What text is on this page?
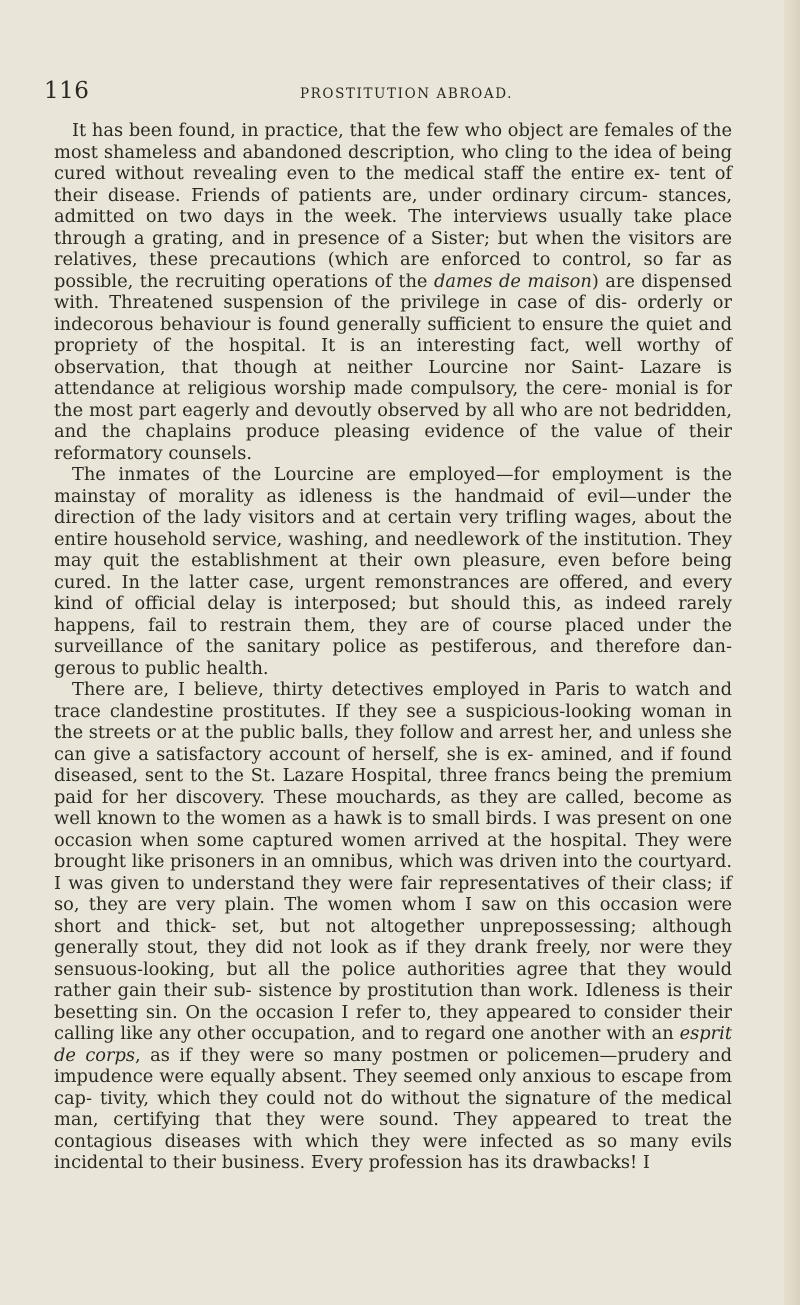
116	PROSTITUTION ABROAD.

It has been found, in practice, that the few who object are females of the most shameless and abandoned description, who cling to the idea of being cured without revealing even to the medical staff the entire ex- tent of their disease. Friends of patients are, under ordinary circum- stances, admitted on two days in the week. The interviews usually take place through a grating, and in presence of a Sister; but when the visitors are relatives, these precautions (which are enforced to control, so far as possible, the recruiting operations of the dames de maison) are dispensed with. Threatened suspension of the privilege in case of dis- orderly or indecorous behaviour is found generally sufficient to ensure the quiet and propriety of the hospital. It is an interesting fact, well worthy of observation, that though at neither Lourcine nor Saint- Lazare is attendance at religious worship made compulsory, the cere- monial is for the most part eagerly and devoutly observed by all who are not bedridden, and the chaplains produce pleasing evidence of the value of their reformatory counsels.

The inmates of the Lourcine are employed—for employment is the mainstay of morality as idleness is the handmaid of evil—under the direction of the lady visitors and at certain very trifling wages, about the entire household service, washing, and needlework of the institution. They may quit the establishment at their own pleasure, even before being cured. In the latter case, urgent remonstrances are offered, and every kind of official delay is interposed; but should this, as indeed rarely happens, fail to restrain them, they are of course placed under the surveillance of the sanitary police as pestiferous, and therefore dan- gerous to public health.

There are, I believe, thirty detectives employed in Paris to watch and trace clandestine prostitutes. If they see a suspicious-looking woman in the streets or at the public balls, they follow and arrest her, and unless she can give a satisfactory account of herself, she is ex- amined, and if found diseased, sent to the St. Lazare Hospital, three francs being the premium paid for her discovery. These mouchards, as they are called, become as well known to the women as a hawk is to small birds. I was present on one occasion when some captured women arrived at the hospital. They were brought like prisoners in an omnibus, which was driven into the courtyard. I was given to understand they were fair representatives of their class; if so, they are very plain. The women whom I saw on this occasion were short and thick- set, but not altogether unprepossessing; although generally stout, they did not look as if they drank freely, nor were they sensuous-looking, but all the police authorities agree that they would rather gain their sub- sistence by prostitution than work. Idleness is their besetting sin. On the occasion I refer to, they appeared to consider their calling like any other occupation, and to regard one another with an esprit de corps, as if they were so many postmen or policemen—prudery and impudence were equally absent. They seemed only anxious to escape from cap- tivity, which they could not do without the signature of the medical man, certifying that they were sound. They appeared to treat the contagious diseases with which they were infected as so many evils incidental to their business. Every profession has its drawbacks! I
